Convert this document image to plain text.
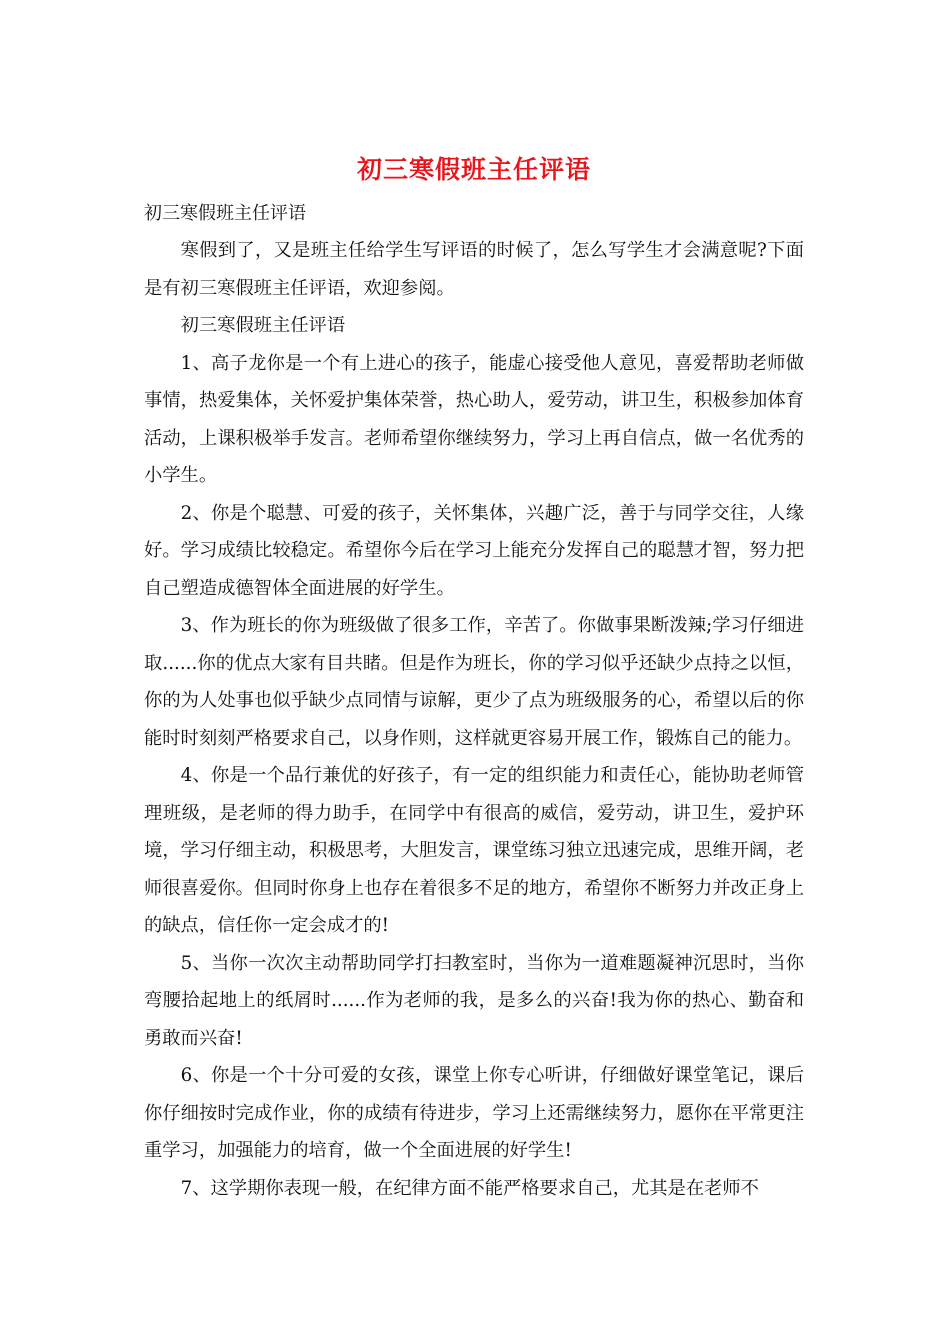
初三寒假班主任评语

初三寒假班主任评语

寒假到了，又是班主任给学生写评语的时候了，怎么写学生才会满意呢?下面是有初三寒假班主任评语，欢迎参阅。

初三寒假班主任评语

1、高子龙你是一个有上进心的孩子，能虚心接受他人意见，喜爱帮助老师做事情，热爱集体，关怀爱护集体荣誉，热心助人，爱劳动，讲卫生，积极参加体育活动，上课积极举手发言。老师希望你继续努力，学习上再自信点，做一名优秀的小学生。

2、你是个聪慧、可爱的孩子，关怀集体，兴趣广泛，善于与同学交往，人缘好。学习成绩比较稳定。希望你今后在学习上能充分发挥自己的聪慧才智，努力把自己塑造成德智体全面进展的好学生。

3、作为班长的你为班级做了很多工作，辛苦了。你做事果断泼辣;学习仔细进取......你的优点大家有目共睹。但是作为班长，你的学习似乎还缺少点持之以恒，你的为人处事也似乎缺少点同情与谅解，更少了点为班级服务的心，希望以后的你能时时刻刻严格要求自己，以身作则，这样就更容易开展工作，锻炼自己的能力。

4、你是一个品行兼优的好孩子，有一定的组织能力和责任心，能协助老师管理班级，是老师的得力助手，在同学中有很高的威信，爱劳动，讲卫生，爱护环境，学习仔细主动，积极思考，大胆发言，课堂练习独立迅速完成，思维开阔，老师很喜爱你。但同时你身上也存在着很多不足的地方，希望你不断努力并改正身上的缺点，信任你一定会成才的!

5、当你一次次主动帮助同学打扫教室时，当你为一道难题凝神沉思时，当你弯腰拾起地上的纸屑时......作为老师的我，是多么的兴奋!我为你的热心、勤奋和勇敢而兴奋!

6、你是一个十分可爱的女孩，课堂上你专心听讲，仔细做好课堂笔记，课后你仔细按时完成作业，你的成绩有待进步，学习上还需继续努力，愿你在平常更注重学习，加强能力的培育，做一个全面进展的好学生!

7、这学期你表现一般，在纪律方面不能严格要求自己，尤其是在老师不
